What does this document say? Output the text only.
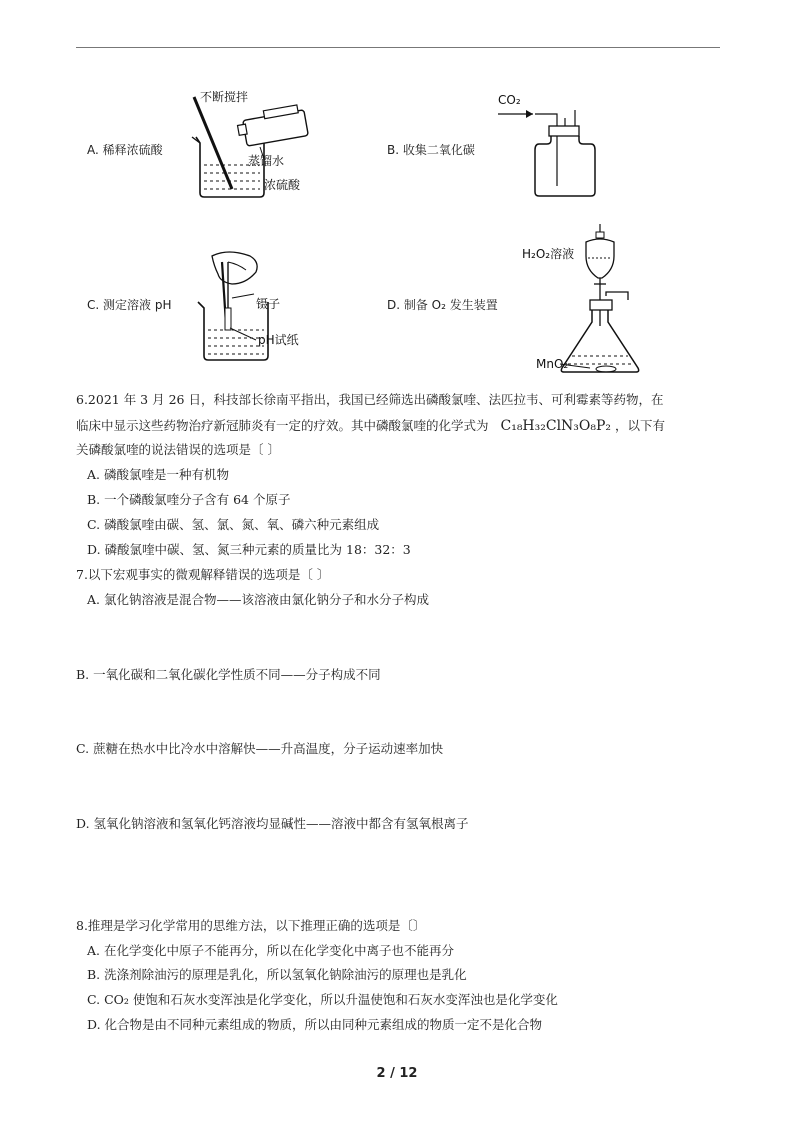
A. 稀释浓硫酸	B. 收集二氧化碳
C. 测定溶液 pH	D. 制备 O₂ 发生装置
不断搅拌
蒸馏水
浓硫酸
CO₂
镊子
pH试纸
H₂O₂溶液
MnO₂
6.2021 年 3 月 26 日，科技部长徐南平指出，我国已经筛选出磷酸氯喹、法匹拉韦、可利霉素等药物，在
临床中显示这些药物治疗新冠肺炎有一定的疗效。其中磷酸氯喹的化学式为 C₁₈H₃₂ClN₃O₈P₂ ，以下有
关磷酸氯喹的说法错误的选项是〔 〕
A. 磷酸氯喹是一种有机物
B. 一个磷酸氯喹分子含有 64 个原子
C. 磷酸氯喹由碳、氢、氯、氮、氧、磷六种元素组成
D. 磷酸氯喹中碳、氢、氮三种元素的质量比为 18：32：3
7.以下宏观事实的微观解释错误的选项是〔 〕
A. 氯化钠溶液是混合物——该溶液由氯化钠分子和水分子构成
B. 一氧化碳和二氧化碳化学性质不同——分子构成不同
C. 蔗糖在热水中比冷水中溶解快——升高温度，分子运动速率加快
D. 氢氧化钠溶液和氢氧化钙溶液均显碱性——溶液中都含有氢氧根离子
8.推理是学习化学常用的思维方法，以下推理正确的选项是〔〕
A. 在化学变化中原子不能再分，所以在化学变化中离子也不能再分
B. 洗涤剂除油污的原理是乳化，所以氢氧化钠除油污的原理也是乳化
C. CO₂ 使饱和石灰水变浑浊是化学变化，所以升温使饱和石灰水变浑浊也是化学变化
D. 化合物是由不同种元素组成的物质，所以由同种元素组成的物质一定不是化合物
2 / 12
